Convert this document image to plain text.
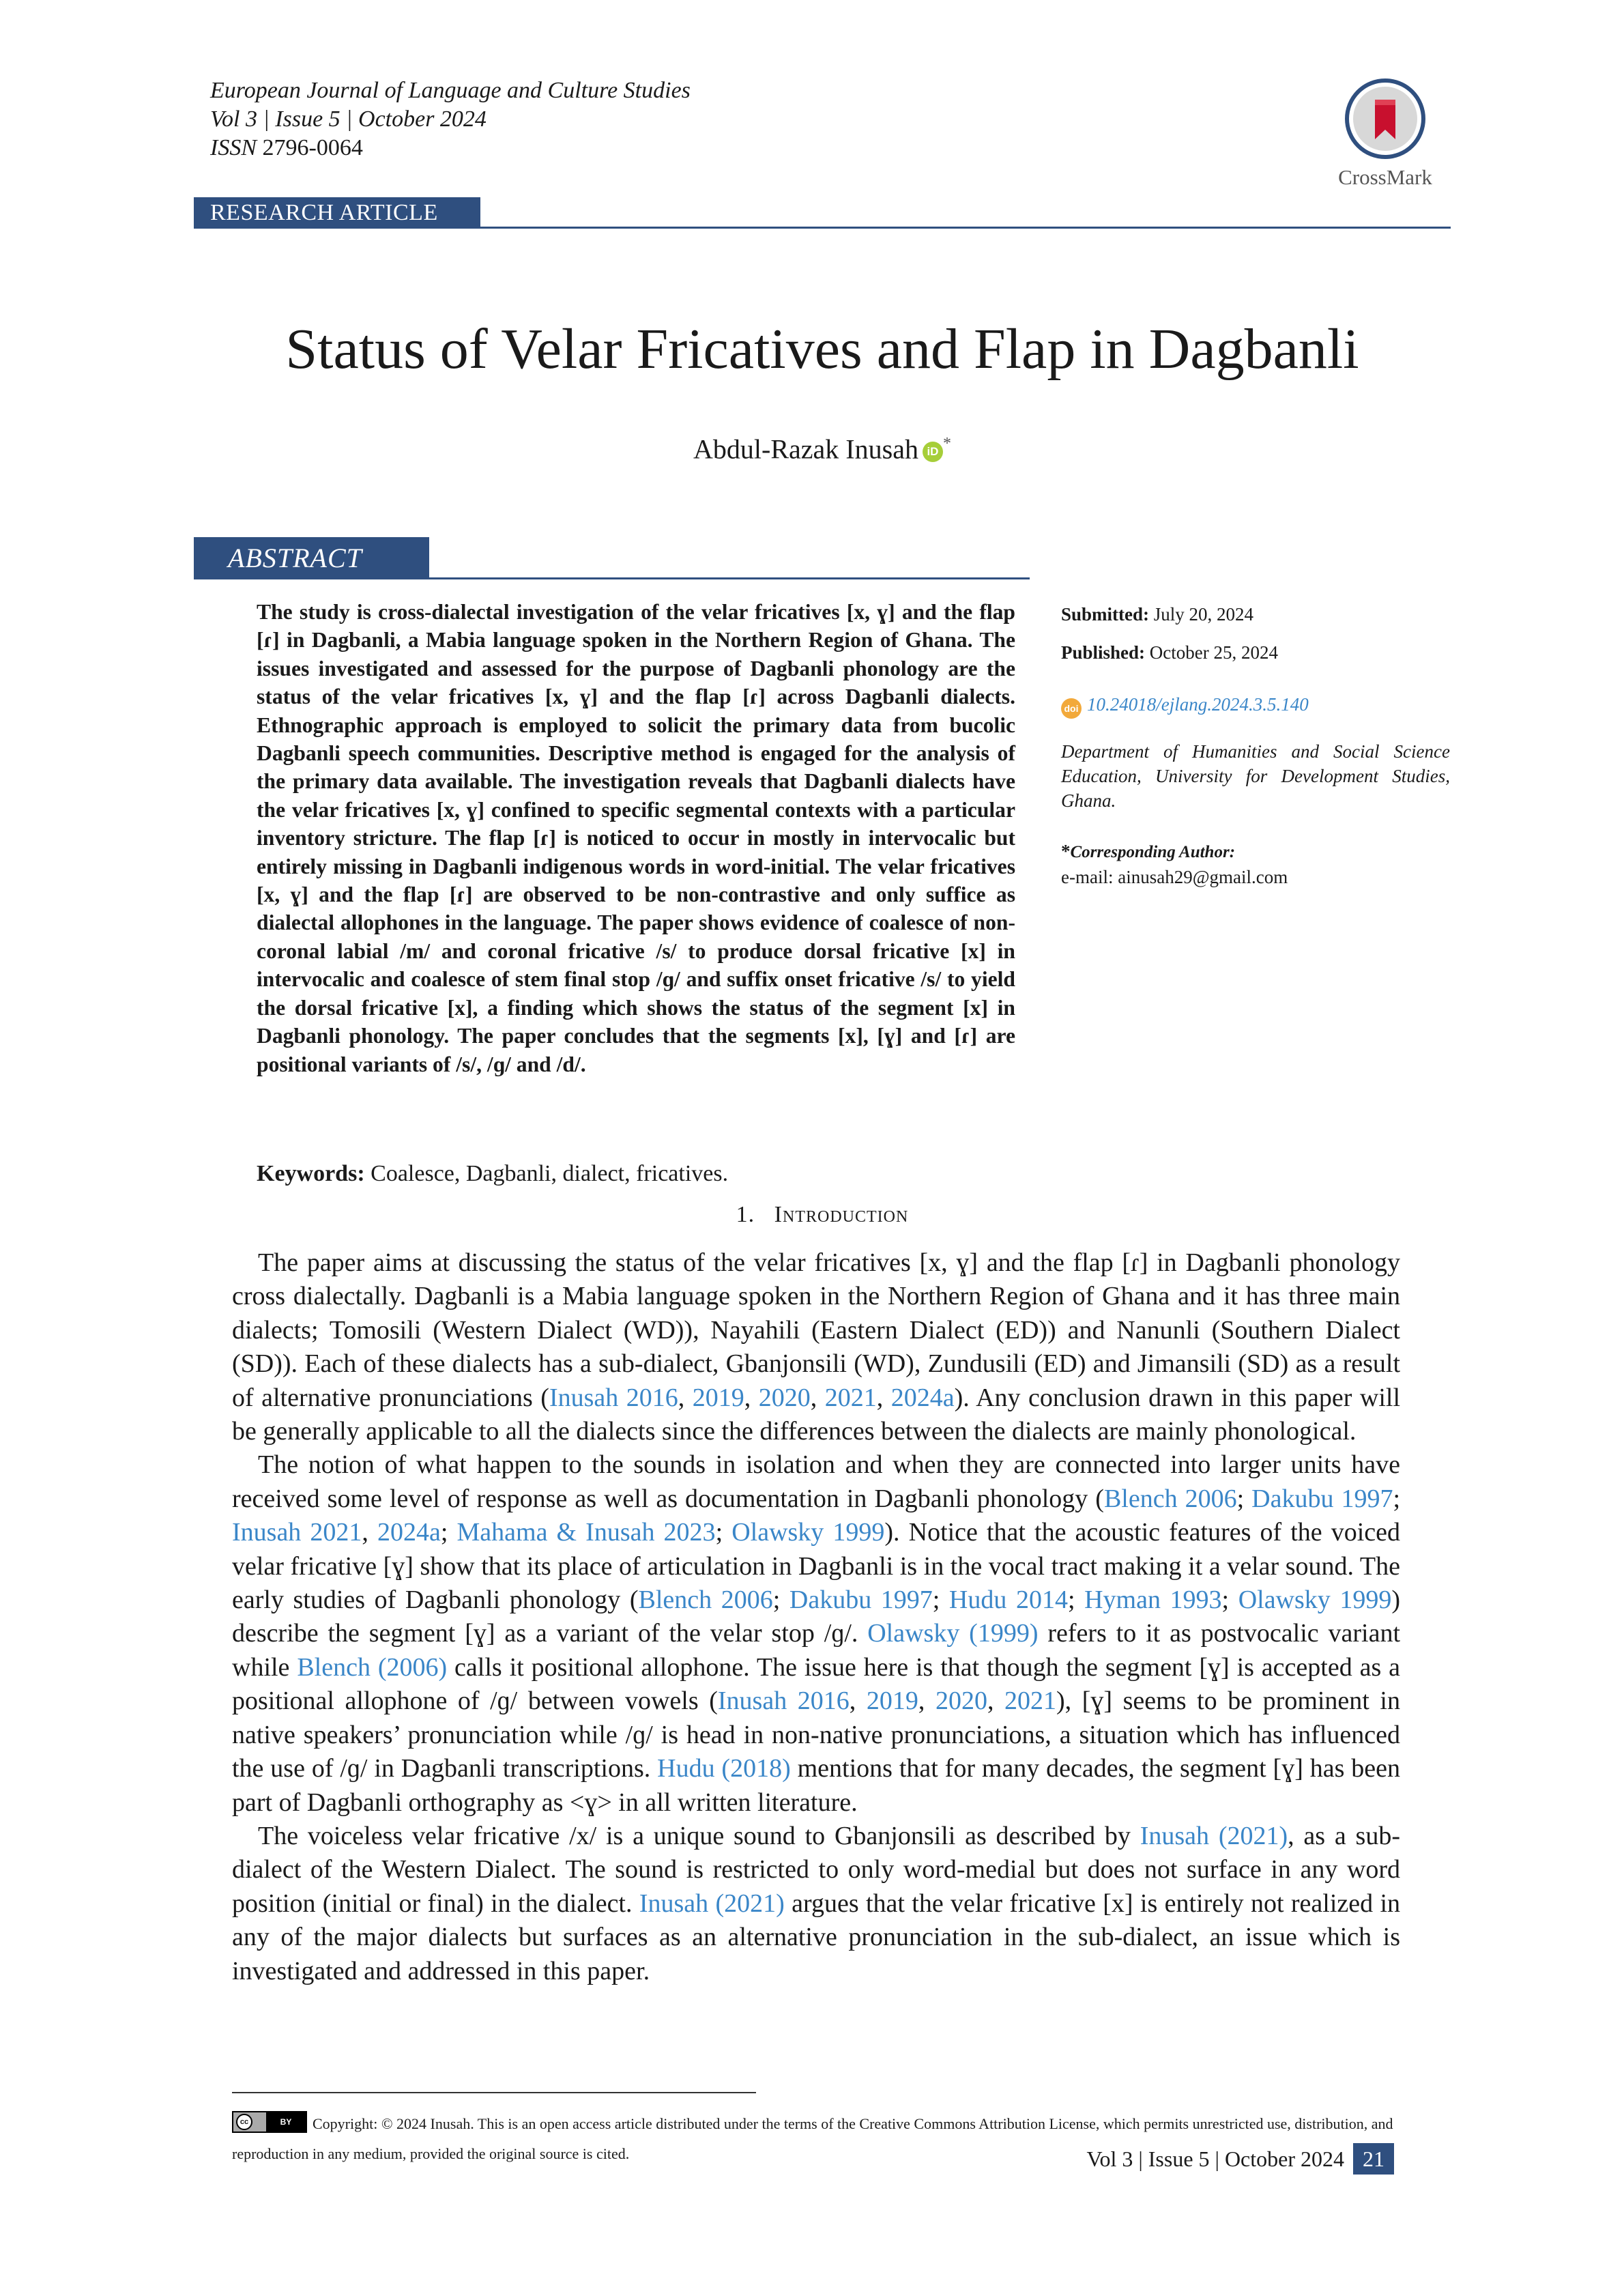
European Journal of Language and Culture Studies
Vol 3 | Issue 5 | October 2024
ISSN 2796-0064
CrossMark
RESEARCH ARTICLE
Status of Velar Fricatives and Flap in Dagbanli
Abdul-Razak Inusah iD *
ABSTRACT
The study is cross-dialectal investigation of the velar fricatives [x, ɣ] and the flap [ɾ] in Dagbanli, a Mabia language spoken in the Northern Region of Ghana. The issues investigated and assessed for the purpose of Dagbanli phonology are the status of the velar fricatives [x, ɣ] and the flap [ɾ] across Dagbanli dialects. Ethnographic approach is employed to solicit the primary data from bucolic Dagbanli speech communities. Descriptive method is engaged for the analysis of the primary data available. The investigation reveals that Dagbanli dialects have the velar fricatives [x, ɣ] confined to specific segmental contexts with a particular inventory stricture. The flap [ɾ] is noticed to occur in mostly in intervocalic but entirely missing in Dagbanli indigenous words in word-initial. The velar fricatives [x, ɣ] and the flap [ɾ] are observed to be non-contrastive and only suffice as dialectal allophones in the language. The paper shows evidence of coalesce of non-coronal labial /m/ and coronal fricative /s/ to produce dorsal fricative [x] in intervocalic and coalesce of stem final stop /ɡ/ and suffix onset fricative /s/ to yield the dorsal fricative [x], a finding which shows the status of the segment [x] in Dagbanli phonology. The paper concludes that the segments [x], [ɣ] and [ɾ] are positional variants of /s/, /ɡ/ and /d/.
Submitted: July 20, 2024
Published: October 25, 2024
doi 10.24018/ejlang.2024.3.5.140
Department of Humanities and Social Science Education, University for Development Studies, Ghana.
*Corresponding Author:
e-mail: ainusah29@gmail.com
Keywords: Coalesce, Dagbanli, dialect, fricatives.
1. Introduction

The paper aims at discussing the status of the velar fricatives [x, ɣ] and the flap [ɾ] in Dagbanli phonology cross dialectally. Dagbanli is a Mabia language spoken in the Northern Region of Ghana and it has three main dialects; Tomosili (Western Dialect (WD)), Nayahili (Eastern Dialect (ED)) and Nanunli (Southern Dialect (SD)). Each of these dialects has a sub-dialect, Gbanjonsili (WD), Zundusili (ED) and Jimansili (SD) as a result of alternative pronunciations (Inusah 2016, 2019, 2020, 2021, 2024a). Any conclusion drawn in this paper will be generally applicable to all the dialects since the differences between the dialects are mainly phonological.

The notion of what happen to the sounds in isolation and when they are connected into larger units have received some level of response as well as documentation in Dagbanli phonology (Blench 2006; Dakubu 1997; Inusah 2021, 2024a; Mahama & Inusah 2023; Olawsky 1999). Notice that the acoustic features of the voiced velar fricative [ɣ] show that its place of articulation in Dagbanli is in the vocal tract making it a velar sound. The early studies of Dagbanli phonology (Blench 2006; Dakubu 1997; Hudu 2014; Hyman 1993; Olawsky 1999) describe the segment [ɣ] as a variant of the velar stop /ɡ/. Olawsky (1999) refers to it as postvocalic variant while Blench (2006) calls it positional allophone. The issue here is that though the segment [ɣ] is accepted as a positional allophone of /ɡ/ between vowels (Inusah 2016, 2019, 2020, 2021), [ɣ] seems to be prominent in native speakers’ pronunciation while /ɡ/ is head in non-native pronunciations, a situation which has influenced the use of /ɡ/ in Dagbanli transcriptions. Hudu (2018) mentions that for many decades, the segment [ɣ] has been part of Dagbanli orthography as <ɣ> in all written literature.

The voiceless velar fricative /x/ is a unique sound to Gbanjonsili as described by Inusah (2021), as a sub-dialect of the Western Dialect. The sound is restricted to only word-medial but does not surface in any word position (initial or final) in the dialect. Inusah (2021) argues that the velar fricative [x] is entirely not realized in any of the major dialects but surfaces as an alternative pronunciation in the sub-dialect, an issue which is investigated and addressed in this paper.

cc	BY	Copyright: © 2024 Inusah. This is an open access article distributed under the terms of the Creative Commons Attribution License, which permits unrestricted use, distribution, and reproduction in any medium, provided the original source is cited.	Vol 3 | Issue 5 | October 2024 21
